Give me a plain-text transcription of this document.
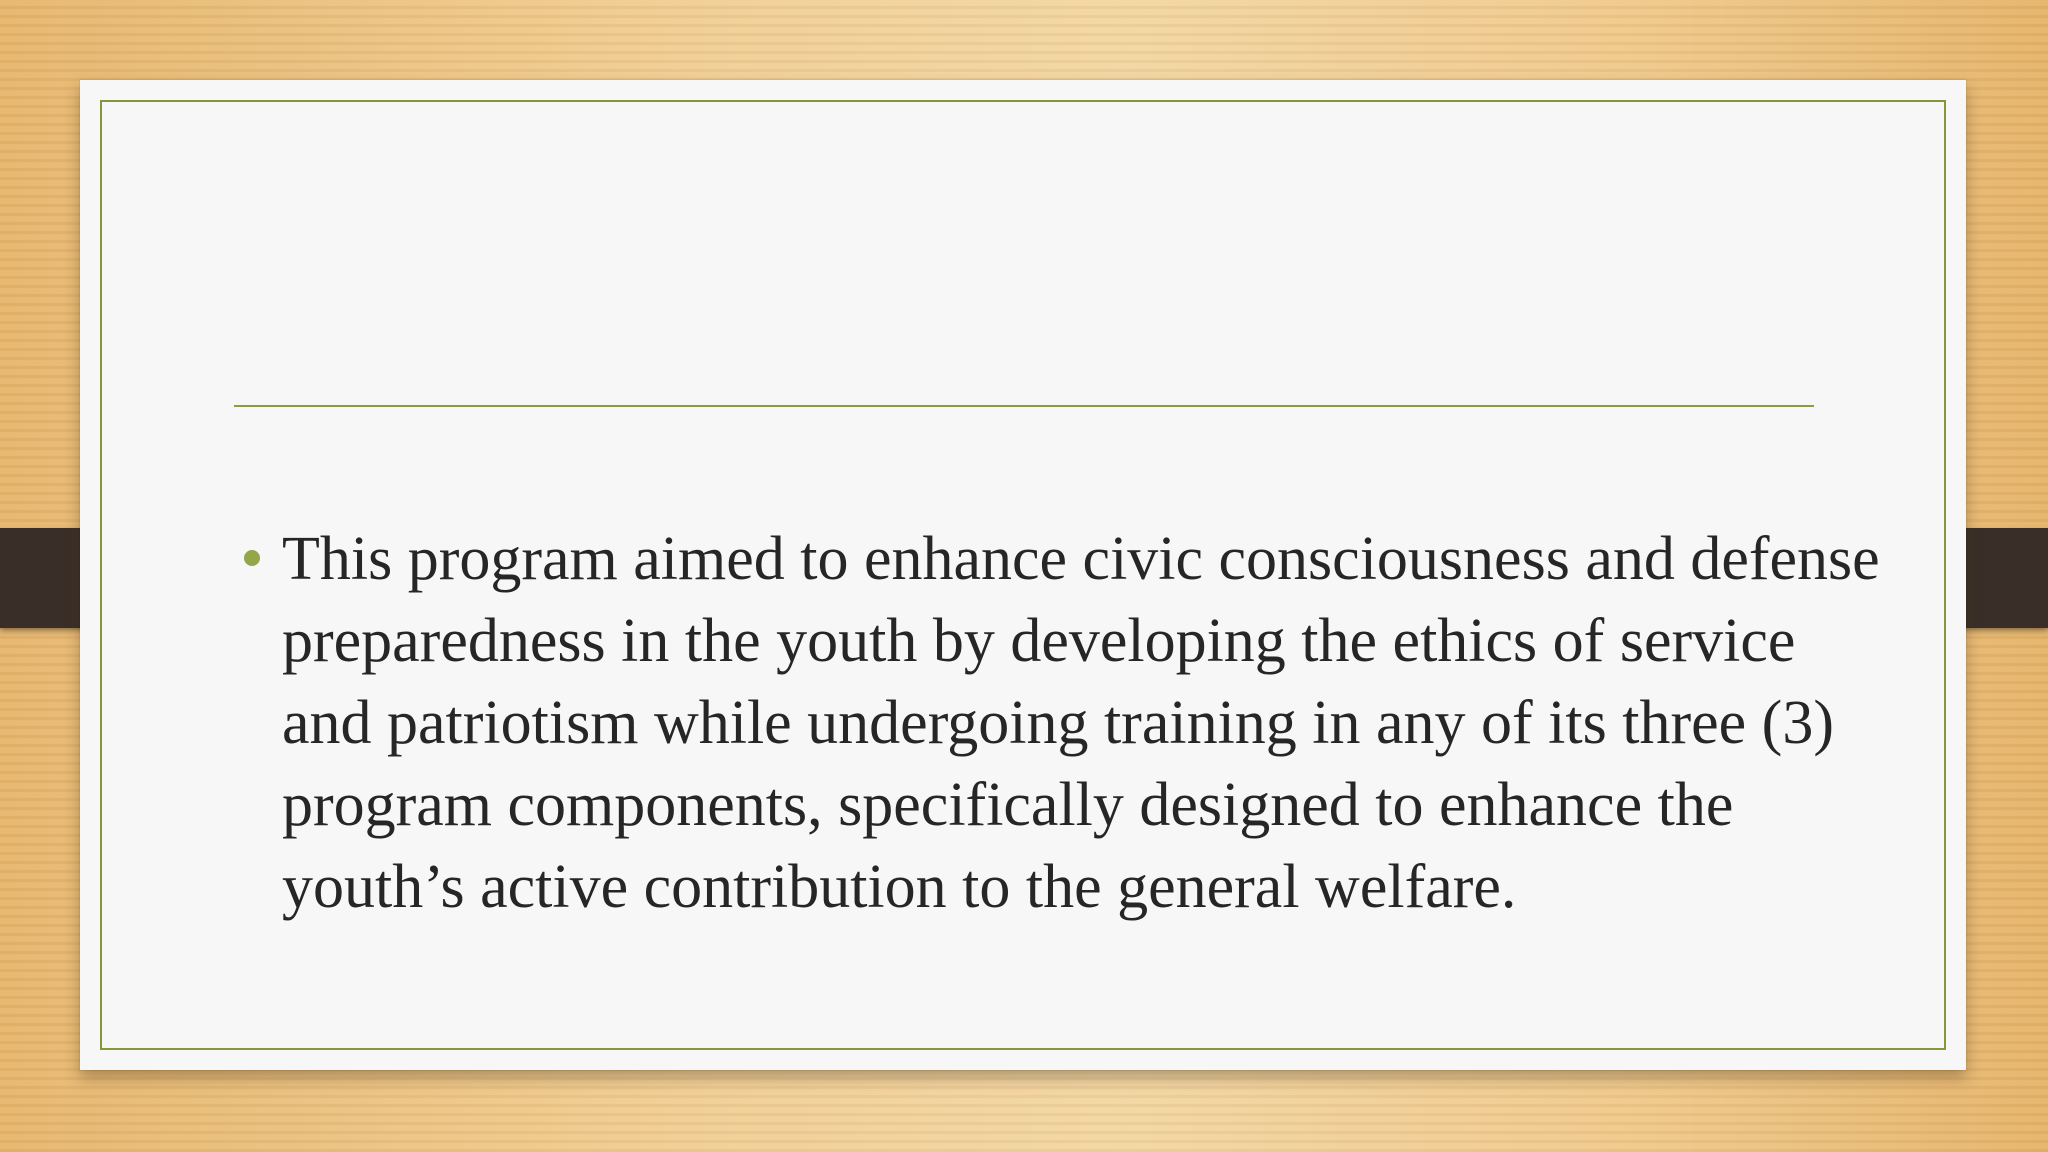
This program aimed to enhance civic consciousness and defense preparedness in the youth by developing the ethics of service and patriotism while undergoing training in any of its three (3) program components, specifically designed to enhance the youth’s active contribution to the general welfare.
